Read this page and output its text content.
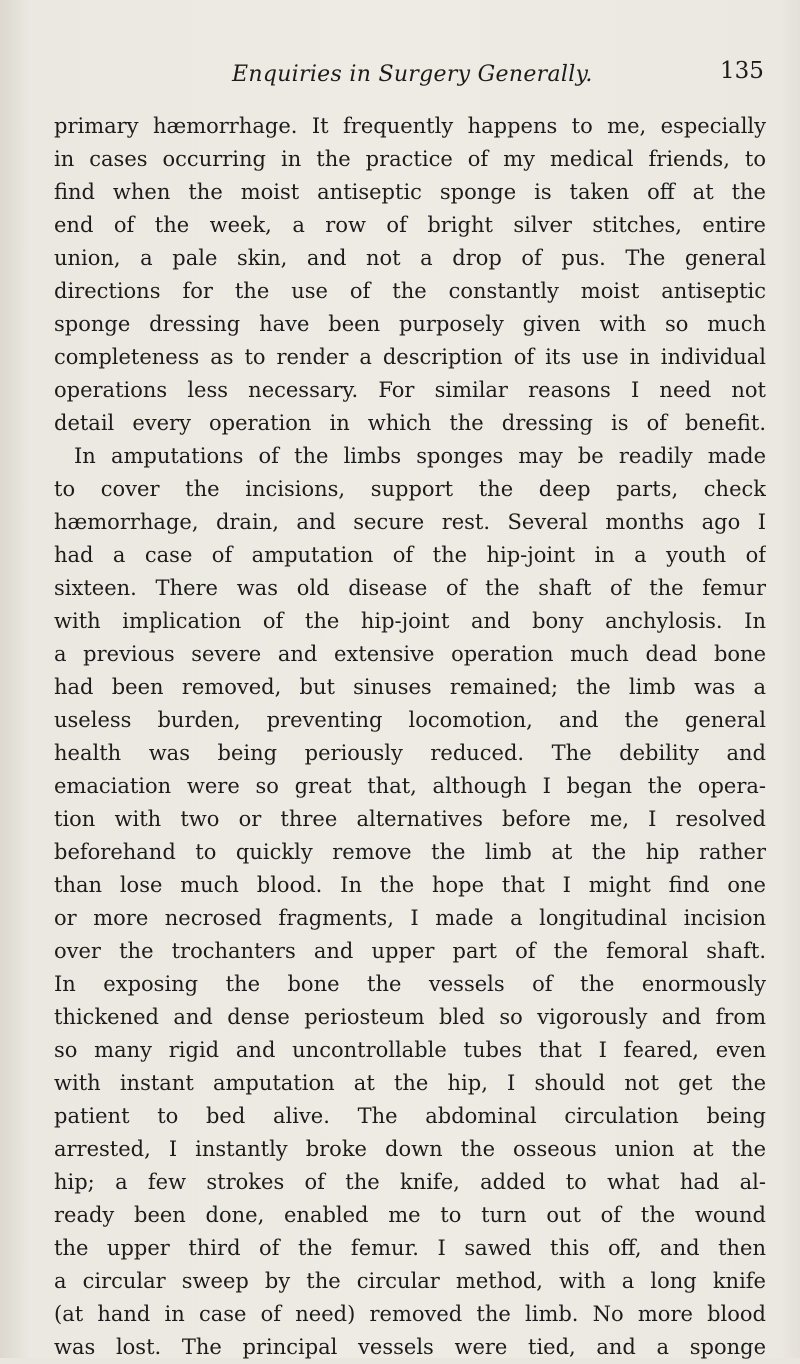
Enquiries in Surgery Generally.	135
primary hæmorrhage. It frequently happens to me, especially
in cases occurring in the practice of my medical friends, to
find when the moist antiseptic sponge is taken off at the
end of the week, a row of bright silver stitches, entire
union, a pale skin, and not a drop of pus. The general
directions for the use of the constantly moist antiseptic
sponge dressing have been purposely given with so much
completeness as to render a description of its use in individual
operations less necessary. For similar reasons I need not
detail every operation in which the dressing is of benefit.
In amputations of the limbs sponges may be readily made
to cover the incisions, support the deep parts, check
hæmorrhage, drain, and secure rest. Several months ago I
had a case of amputation of the hip-joint in a youth of
sixteen. There was old disease of the shaft of the femur
with implication of the hip-joint and bony anchylosis. In
a previous severe and extensive operation much dead bone
had been removed, but sinuses remained; the limb was a
useless burden, preventing locomotion, and the general
health was being periously reduced. The debility and
emaciation were so great that, although I began the opera-
tion with two or three alternatives before me, I resolved
beforehand to quickly remove the limb at the hip rather
than lose much blood. In the hope that I might find one
or more necrosed fragments, I made a longitudinal incision
over the trochanters and upper part of the femoral shaft.
In exposing the bone the vessels of the enormously
thickened and dense periosteum bled so vigorously and from
so many rigid and uncontrollable tubes that I feared, even
with instant amputation at the hip, I should not get the
patient to bed alive. The abdominal circulation being
arrested, I instantly broke down the osseous union at the
hip; a few strokes of the knife, added to what had al-
ready been done, enabled me to turn out of the wound
the upper third of the femur. I sawed this off, and then
a circular sweep by the circular method, with a long knife
(at hand in case of need) removed the limb. No more blood
was lost. The principal vessels were tied, and a sponge
